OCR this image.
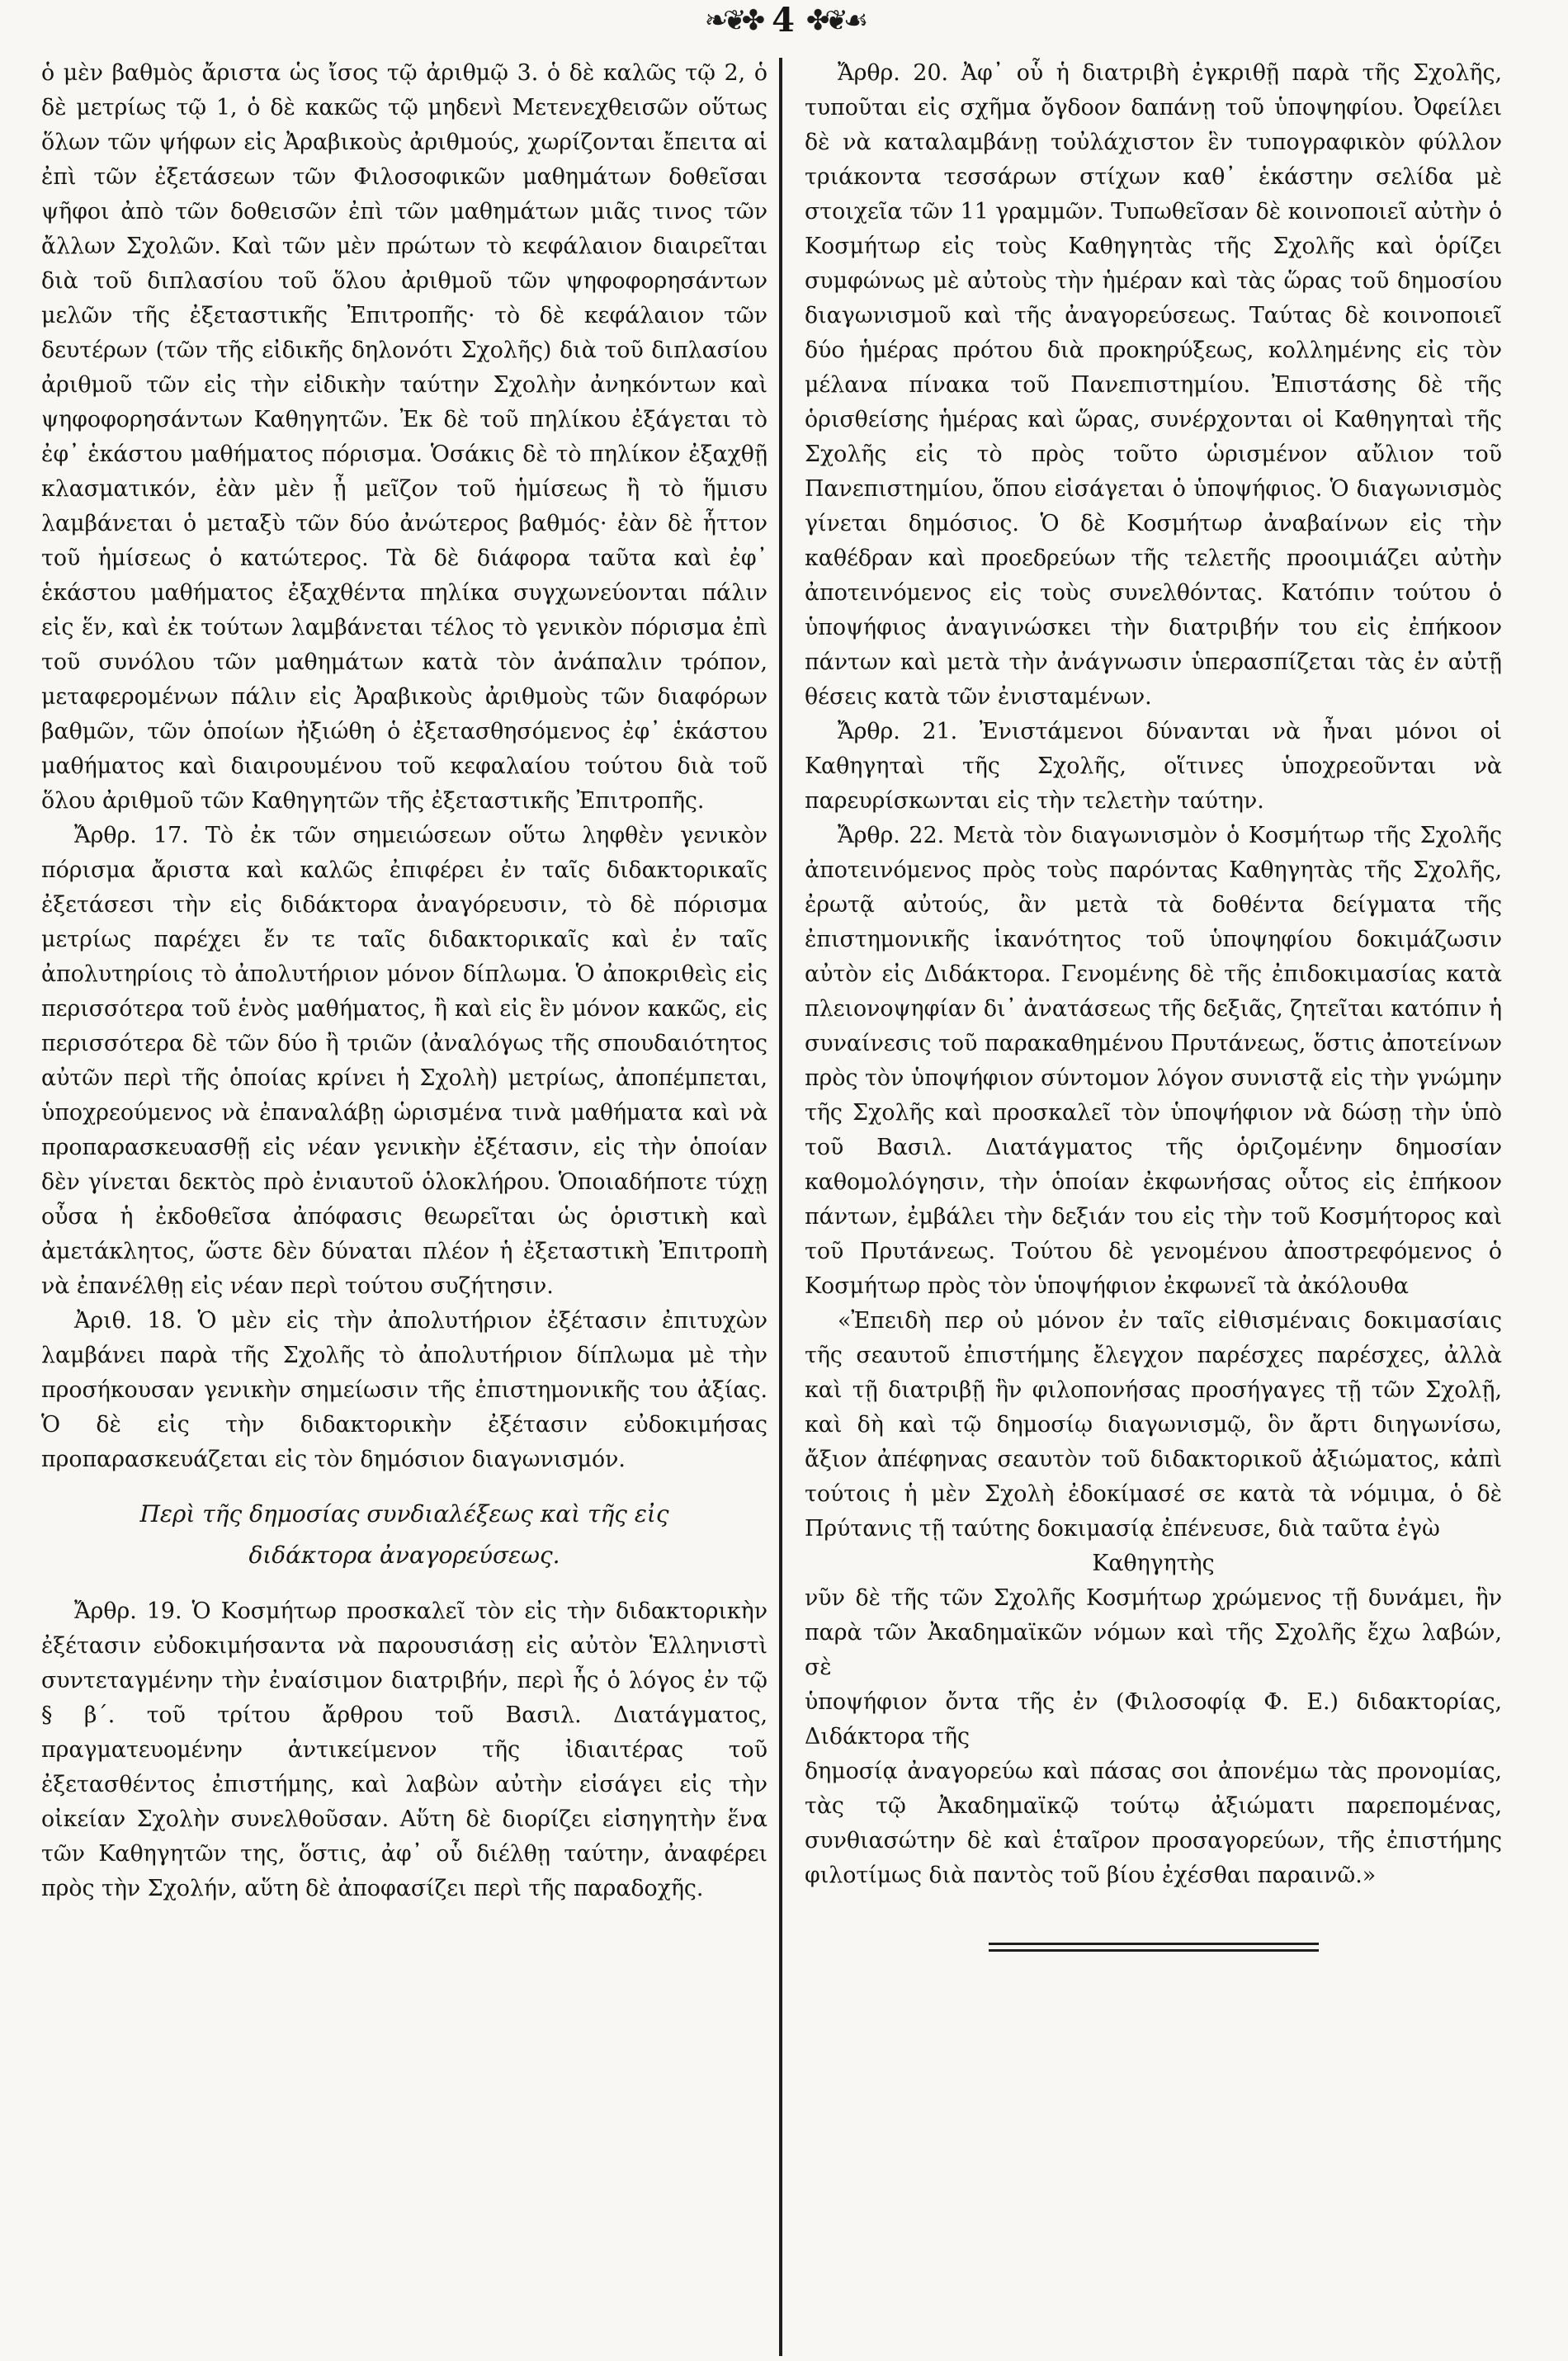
❧❦✤ 4 ✤❦☙

ὁ μὲν βαθμὸς ἄριστα ὡς ἴσος τῷ ἀριθμῷ 3. ὁ δὲ καλῶς τῷ 2, ὁ δὲ μετρίως τῷ 1, ὁ δὲ κακῶς τῷ μηδενὶ Μετενεχθεισῶν οὕτως ὅλων τῶν ψήφων εἰς Ἀραβικοὺς ἀριθμούς, χωρίζονται ἔπειτα αἱ ἐπὶ τῶν ἐξετάσεων τῶν Φιλοσοφικῶν μαθημάτων δοθεῖσαι ψῆφοι ἀπὸ τῶν δοθεισῶν ἐπὶ τῶν μαθημάτων μιᾶς τινος τῶν ἄλλων Σχολῶν. Καὶ τῶν μὲν πρώτων τὸ κεφάλαιον διαιρεῖται διὰ τοῦ διπλασίου τοῦ ὅλου ἀριθμοῦ τῶν ψηφοφορησάντων μελῶν τῆς ἐξεταστικῆς Ἐπιτροπῆς· τὸ δὲ κεφάλαιον τῶν δευτέρων (τῶν τῆς εἰδικῆς δηλονότι Σχολῆς) διὰ τοῦ διπλασίου ἀριθμοῦ τῶν εἰς τὴν εἰδικὴν ταύτην Σχολὴν ἀνηκόντων καὶ ψηφοφορησάντων Καθηγητῶν. Ἐκ δὲ τοῦ πηλίκου ἐξάγεται τὸ ἐφ᾽ ἑκάστου μαθήματος πόρισμα. Ὁσάκις δὲ τὸ πηλίκον ἐξαχθῇ κλασματικόν, ἐὰν μὲν ᾖ μεῖζον τοῦ ἡμίσεως ἢ τὸ ἥμισυ λαμβάνεται ὁ μεταξὺ τῶν δύο ἀνώτερος βαθμός· ἐὰν δὲ ἧττον τοῦ ἡμίσεως ὁ κατώτερος. Τὰ δὲ διάφορα ταῦτα καὶ ἐφ᾽ ἑκάστου μαθήματος ἐξαχθέντα πηλίκα συγχωνεύονται πάλιν εἰς ἕν, καὶ ἐκ τούτων λαμβάνεται τέλος τὸ γενικὸν πόρισμα ἐπὶ τοῦ συνόλου τῶν μαθημάτων κατὰ τὸν ἀνάπαλιν τρόπον, μεταφερομένων πάλιν εἰς Ἀραβικοὺς ἀριθμοὺς τῶν διαφόρων βαθμῶν, τῶν ὁποίων ἠξιώθη ὁ ἐξετασθησόμενος ἐφ᾽ ἑκάστου μαθήματος καὶ διαιρουμένου τοῦ κεφαλαίου τούτου διὰ τοῦ ὅλου ἀριθμοῦ τῶν Καθηγητῶν τῆς ἐξεταστικῆς Ἐπιτροπῆς.

Ἄρθρ. 17. Τὸ ἐκ τῶν σημειώσεων οὕτω ληφθὲν γενικὸν πόρισμα ἄριστα καὶ καλῶς ἐπιφέρει ἐν ταῖς διδακτορικαῖς ἐξετάσεσι τὴν εἰς διδάκτορα ἀναγόρευσιν, τὸ δὲ πόρισμα μετρίως παρέχει ἔν τε ταῖς διδακτορικαῖς καὶ ἐν ταῖς ἀπολυτηρίοις τὸ ἀπολυτήριον μόνον δίπλωμα. Ὁ ἀποκριθεὶς εἰς περισσότερα τοῦ ἑνὸς μαθήματος, ἢ καὶ εἰς ἓν μόνον κακῶς, εἰς περισσότερα δὲ τῶν δύο ἢ τριῶν (ἀναλόγως τῆς σπουδαιότητος αὐτῶν περὶ τῆς ὁποίας κρίνει ἡ Σχολὴ) μετρίως, ἀποπέμπεται, ὑποχρεούμενος νὰ ἐπαναλάβῃ ὡρισμένα τινὰ μαθήματα καὶ νὰ προπαρασκευασθῇ εἰς νέαν γενικὴν ἐξέτασιν, εἰς τὴν ὁποίαν δὲν γίνεται δεκτὸς πρὸ ἐνιαυτοῦ ὁλοκλήρου. Ὁποιαδήποτε τύχῃ οὖσα ἡ ἐκδοθεῖσα ἀπόφασις θεωρεῖται ὡς ὁριστικὴ καὶ ἀμετάκλητος, ὥστε δὲν δύναται πλέον ἡ ἐξεταστικὴ Ἐπιτροπὴ νὰ ἐπανέλθῃ εἰς νέαν περὶ τούτου συζήτησιν.

Ἀριθ. 18. Ὁ μὲν εἰς τὴν ἀπολυτήριον ἐξέτασιν ἐπιτυχὼν λαμβάνει παρὰ τῆς Σχολῆς τὸ ἀπολυτήριον δίπλωμα μὲ τὴν προσήκουσαν γενικὴν σημείωσιν τῆς ἐπιστημονικῆς του ἀξίας. Ὁ δὲ εἰς τὴν διδακτορικὴν ἐξέτασιν εὐδοκιμήσας προπαρασκευάζεται εἰς τὸν δημόσιον διαγωνισμόν.

Περὶ τῆς δημοσίας συνδιαλέξεως καὶ τῆς εἰς
διδάκτορα ἀναγορεύσεως.

Ἄρθρ. 19. Ὁ Κοσμήτωρ προσκαλεῖ τὸν εἰς τὴν διδακτορικὴν ἐξέτασιν εὐδοκιμήσαντα νὰ παρουσιάσῃ εἰς αὐτὸν Ἑλληνιστὶ συντεταγμένην τὴν ἐναίσιμον διατριβήν, περὶ ἧς ὁ λόγος ἐν τῷ § β΄. τοῦ τρίτου ἄρθρου τοῦ Βασιλ. Διατάγματος, πραγματευομένην ἀντικείμενον τῆς ἰδιαιτέρας τοῦ ἐξετασθέντος ἐπιστήμης, καὶ λαβὼν αὐτὴν εἰσάγει εἰς τὴν οἰκείαν Σχολὴν συνελθοῦσαν. Αὕτη δὲ διορίζει εἰσηγητὴν ἕνα τῶν Καθηγητῶν της, ὅστις, ἀφ᾽ οὗ διέλθῃ ταύτην, ἀναφέρει πρὸς τὴν Σχολήν, αὕτη δὲ ἀποφασίζει περὶ τῆς παραδοχῆς.

Ἄρθρ. 20. Ἀφ᾽ οὗ ἡ διατριβὴ ἐγκριθῇ παρὰ τῆς Σχολῆς, τυποῦται εἰς σχῆμα ὄγδοον δαπάνῃ τοῦ ὑποψηφίου. Ὀφείλει δὲ νὰ καταλαμβάνῃ τοὐλάχιστον ἓν τυπογραφικὸν φύλλον τριάκοντα τεσσάρων στίχων καθ᾽ ἑκάστην σελίδα μὲ στοιχεῖα τῶν 11 γραμμῶν. Τυπωθεῖσαν δὲ κοινοποιεῖ αὐτὴν ὁ Κοσμήτωρ εἰς τοὺς Καθηγητὰς τῆς Σχολῆς καὶ ὁρίζει συμφώνως μὲ αὐτοὺς τὴν ἡμέραν καὶ τὰς ὥρας τοῦ δημοσίου διαγωνισμοῦ καὶ τῆς ἀναγορεύσεως. Ταύτας δὲ κοινοποιεῖ δύο ἡμέρας πρότου διὰ προκηρύξεως, κολλημένης εἰς τὸν μέλανα πίνακα τοῦ Πανεπιστημίου. Ἐπιστάσης δὲ τῆς ὁρισθείσης ἡμέρας καὶ ὥρας, συνέρχονται οἱ Καθηγηταὶ τῆς Σχολῆς εἰς τὸ πρὸς τοῦτο ὡρισμένον αὔλιον τοῦ Πανεπιστημίου, ὅπου εἰσάγεται ὁ ὑποψήφιος. Ὁ διαγωνισμὸς γίνεται δημόσιος. Ὁ δὲ Κοσμήτωρ ἀναβαίνων εἰς τὴν καθέδραν καὶ προεδρεύων τῆς τελετῆς προοιμιάζει αὐτὴν ἀποτεινόμενος εἰς τοὺς συνελθόντας. Κατόπιν τούτου ὁ ὑποψήφιος ἀναγινώσκει τὴν διατριβήν του εἰς ἐπήκοον πάντων καὶ μετὰ τὴν ἀνάγνωσιν ὑπερασπίζεται τὰς ἐν αὐτῇ θέσεις κατὰ τῶν ἐνισταμένων.

Ἄρθρ. 21. Ἐνιστάμενοι δύνανται νὰ ἦναι μόνοι οἱ Καθηγηταὶ τῆς Σχολῆς, οἵτινες ὑποχρεοῦνται νὰ παρευρίσκωνται εἰς τὴν τελετὴν ταύτην.

Ἄρθρ. 22. Μετὰ τὸν διαγωνισμὸν ὁ Κοσμήτωρ τῆς Σχολῆς ἀποτεινόμενος πρὸς τοὺς παρόντας Καθηγητὰς τῆς Σχολῆς, ἐρωτᾷ αὐτούς, ἂν μετὰ τὰ δοθέντα δείγματα τῆς ἐπιστημονικῆς ἱκανότητος τοῦ ὑποψηφίου δοκιμάζωσιν αὐτὸν εἰς Διδάκτορα. Γενομένης δὲ τῆς ἐπιδοκιμασίας κατὰ πλειονοψηφίαν δι᾽ ἀνατάσεως τῆς δεξιᾶς, ζητεῖται κατόπιν ἡ συναίνεσις τοῦ παρακαθημένου Πρυτάνεως, ὅστις ἀποτείνων πρὸς τὸν ὑποψήφιον σύντομον λόγον συνιστᾷ εἰς τὴν γνώμην τῆς Σχολῆς καὶ προσκαλεῖ τὸν ὑποψήφιον νὰ δώσῃ τὴν ὑπὸ τοῦ Βασιλ. Διατάγματος τῆς ὁριζομένην δημοσίαν καθομολόγησιν, τὴν ὁποίαν ἐκφωνήσας οὗτος εἰς ἐπήκοον πάντων, ἐμβάλει τὴν δεξιάν του εἰς τὴν τοῦ Κοσμήτορος καὶ τοῦ Πρυτάνεως. Τούτου δὲ γενομένου ἀποστρεφόμενος ὁ Κοσμήτωρ πρὸς τὸν ὑποψήφιον ἐκφωνεῖ τὰ ἀκόλουθα

«Ἐπειδὴ περ οὐ μόνον ἐν ταῖς εἰθισμέναις δοκιμασίαις τῆς σεαυτοῦ ἐπιστήμης ἔλεγχον παρέσχες παρέσχες, ἀλλὰ καὶ τῇ διατριβῇ ἣν φιλοπονήσας προσήγαγες τῇ τῶν Σχολῇ, καὶ δὴ καὶ τῷ δημοσίῳ διαγωνισμῷ, ὃν ἄρτι διηγωνίσω, ἄξιον ἀπέφηνας σεαυτὸν τοῦ διδακτορικοῦ ἀξιώματος, κἀπὶ τούτοις ἡ μὲν Σχολὴ ἐδοκίμασέ σε κατὰ τὰ νόμιμα, ὁ δὲ Πρύτανις τῇ ταύτης δοκιμασίᾳ ἐπένευσε, διὰ ταῦτα ἐγὼ

Καθηγητὴς

νῦν δὲ τῆς τῶν Σχολῆς Κοσμήτωρ χρώμενος τῇ δυνάμει, ἣν παρὰ τῶν Ἀκαδημαϊκῶν νόμων καὶ τῆς Σχολῆς ἔχω λαβών, σὲ

ὑποψήφιον ὄντα τῆς ἐν (Φιλοσοφίᾳ Φ. Ε.) διδακτορίας, Διδάκτορα τῆς

δημοσίᾳ ἀναγορεύω καὶ πάσας σοι ἀπονέμω τὰς προνομίας, τὰς τῷ Ἀκαδημαϊκῷ τούτῳ ἀξιώματι παρεπομένας, συνθιασώτην δὲ καὶ ἑταῖρον προσαγορεύων, τῆς ἐπιστήμης φιλοτίμως διὰ παντὸς τοῦ βίου ἐχέσθαι παραινῶ.»
